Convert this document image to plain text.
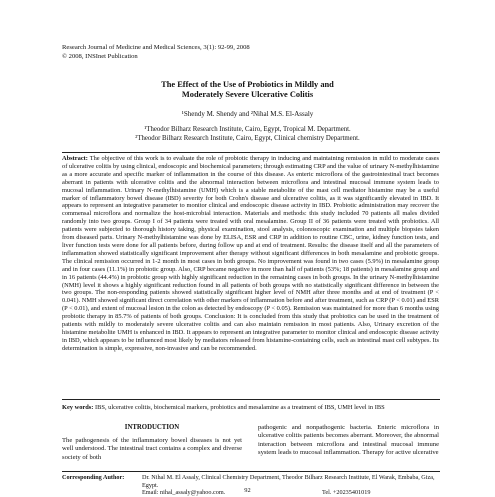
Research Journal of Medicine and Medical Sciences, 3(1): 92-99, 2008
© 2008, INSInet Publication
The Effect of the Use of Probiotics in Mildly and
Moderately Severe Ulcerative Colitis
¹Shendy M. Shendy and ²Nihal M.S. El-Assaly
¹Theodor Bilharz Research Institute, Cairo, Egypt, Tropical M. Department.
²Theodor Bilharz Research Institute, Cairo, Egypt, Clinical chemistry Department.
Abstract: The objective of this work is to evaluate the role of probiotic therapy in inducing and maintaining remission in mild to moderate cases of ulcerative colitis by using clinical, endoscopic and biochemical parameters; through estimating CRP and the value of urinary N-methylhistamine as a more accurate and specific marker of inflammation in the course of this disease. As enteric microflora of the gastrointestinal tract becomes aberrant in patients with ulcerative colitis and the abnormal interaction between microflora and intestinal mucosal immune system leads to mucosal inflammation. Urinary N-methylhistamine (UMH) which is a stable metabolite of the mast cell mediator histamine may be a useful marker of inflammatory bowel disease (IBD) severity for both Crohn's disease and ulcerative colitis, as it was significantly elevated in IBD. It appears to represent an integrative parameter to monitor clinical and endoscopic disease activity in IBD. Probiotic administration may recover the commensal microflora and normalize the host-microbial interaction. Materials and methods: this study included 70 patients all males divided randomly into two groups. Group I of 34 patients were treated with oral mesalamine. Group II of 36 patients were treated with probiotics. All patients were subjected to thorough history taking, physical examination, stool analysis, colonoscopic examination and multiple biopsies taken from diseased parts. Urinary N-methylhistamine was done by ELISA, ESR and CRP in addition to routine CBC, urine, kidney function tests, and liver function tests were done for all patients before, during follow up and at end of treatment. Results: the disease itself and all the parameters of inflammation showed statistically significant improvement after therapy without significant differences in both mesalamine and probiotic groups. The clinical remission occurred in 1-2 month in most cases in both groups. No improvement was found in two cases (5.9%) in mesalamine group and in four cases (11.1%) in probiotic group. Also, CRP became negative in more than half of patients (53%; 18 patients) in mesalamine group and in 16 patients (44.4%) in probiotic group with highly significant reduction in the remaining cases in both groups. In the urinary N-methylhistamine (NMH) level it shows a highly significant reduction found in all patients of both groups with no statistically significant difference in between the two groups. The non-responding patients showed statistically significant higher level of NMH after three months and at end of treatment (P < 0.041). NMH showed significant direct correlation with other markers of inflammation before and after treatment, such as CRP (P < 0.01) and ESR (P < 0.01), and extent of mucosal lesion in the colon as detected by endoscopy (P < 0.05). Remission was maintained for more than 6 months using probiotic therapy in 85.7% of patients of both groups. Conclusion: It is concluded from this study that probiotics can be used in the treatment of patients with mildly to moderately severe ulcerative colitis and can also maintain remission in most patients. Also, Urinary excretion of the histamine metabolite UMH is enhanced in IBD. It appears to represent an integrative parameter to monitor clinical and endoscopic disease activity in IBD, which appears to be influenced most likely by mediators released from histamine-containing cells, such as intestinal mast cell subtypes. Its determination is simple, expressive, non-invasive and can be recommended.
Key words: IBS, ulcerative colitis, biochemical markers, probiotics and mesalamine as a treatment of IBS, UMH level in IBS
INTRODUCTION
The pathogenesis of the inflammatory bowel diseases is not yet well understood. The intestinal tract contains a complex and diverse society of both
pathogenic and nonpathogenic bacteria. Enteric microflora in ulcerative colitis patients becomes aberrant. Moreover, the abnormal interaction between microflora and intestinal mucosal immune system leads to mucosal inflammation. Therapy for active ulcerative
Corresponding Author:	Dr. Nihal M. El Assaly, Clinical Chemistry Department, Theodor Bilharz Research Institute, El Warak, Embaba, Giza, Egypt.
Email: nihal_assaly@yahoo.com.	Tel. +20235401019
92
